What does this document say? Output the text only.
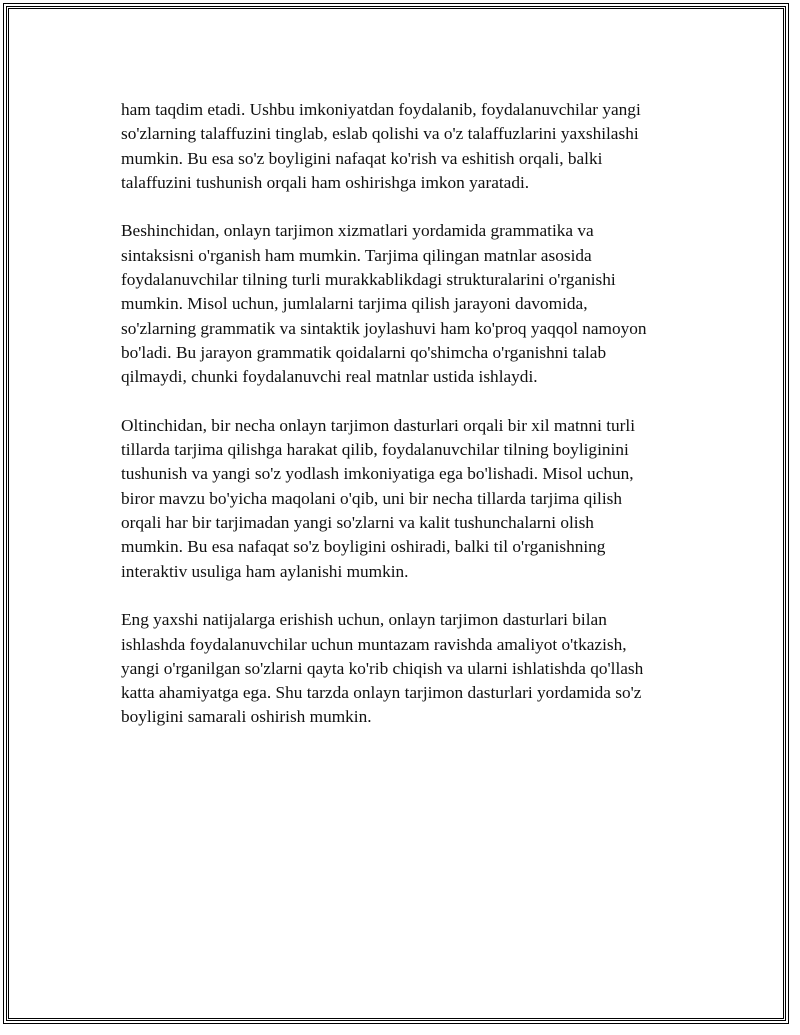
ham taqdim etadi. Ushbu imkoniyatdan foydalanib, foydalanuvchilar yangi
so'zlarning talaffuzini tinglab, eslab qolishi va o'z talaffuzlarini yaxshilashi
mumkin. Bu esa so'z boyligini nafaqat ko'rish va eshitish orqali, balki
talaffuzini tushunish orqali ham oshirishga imkon yaratadi.

Beshinchidan, onlayn tarjimon xizmatlari yordamida grammatika va
sintaksisni o'rganish ham mumkin. Tarjima qilingan matnlar asosida
foydalanuvchilar tilning turli murakkablikdagi strukturalarini o'rganishi
mumkin. Misol uchun, jumlalarni tarjima qilish jarayoni davomida,
so'zlarning grammatik va sintaktik joylashuvi ham ko'proq yaqqol namoyon
bo'ladi. Bu jarayon grammatik qoidalarni qo'shimcha o'rganishni talab
qilmaydi, chunki foydalanuvchi real matnlar ustida ishlaydi.

Oltinchidan, bir necha onlayn tarjimon dasturlari orqali bir xil matnni turli
tillarda tarjima qilishga harakat qilib, foydalanuvchilar tilning boyliginini
tushunish va yangi so'z yodlash imkoniyatiga ega bo'lishadi. Misol uchun,
biror mavzu bo'yicha maqolani o'qib, uni bir necha tillarda tarjima qilish
orqali har bir tarjimadan yangi so'zlarni va kalit tushunchalarni olish
mumkin. Bu esa nafaqat so'z boyligini oshiradi, balki til o'rganishning
interaktiv usuliga ham aylanishi mumkin.

Eng yaxshi natijalarga erishish uchun, onlayn tarjimon dasturlari bilan
ishlashda foydalanuvchilar uchun muntazam ravishda amaliyot o'tkazish,
yangi o'rganilgan so'zlarni qayta ko'rib chiqish va ularni ishlatishda qo'llash
katta ahamiyatga ega. Shu tarzda onlayn tarjimon dasturlari yordamida so'z
boyligini samarali oshirish mumkin.
